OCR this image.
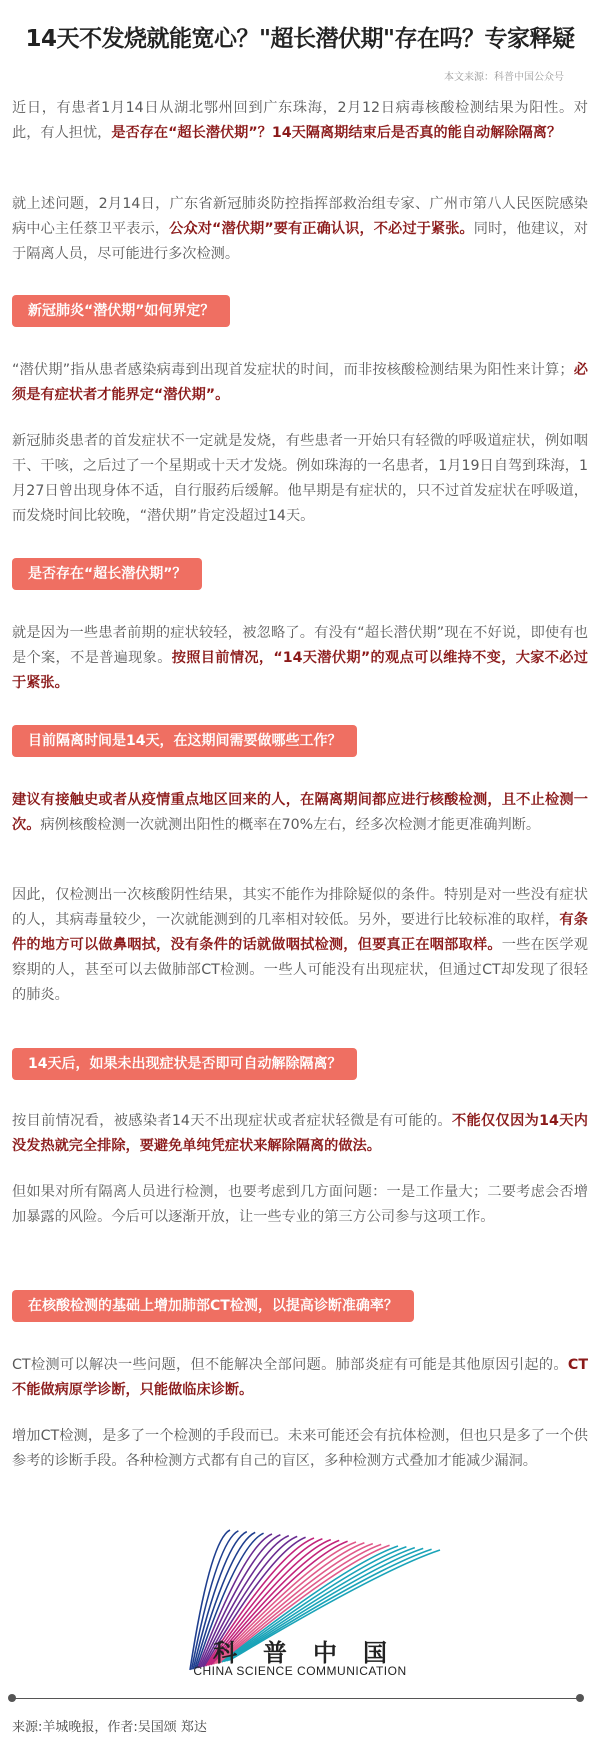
14天不发烧就能宽心？"超长潜伏期"存在吗？专家释疑
本文来源：科普中国公众号

近日，有患者1月14日从湖北鄂州回到广东珠海，2月12日病毒核酸检测结果为阳性。对此，有人担忧，是否存在“超长潜伏期”？14天隔离期结束后是否真的能自动解除隔离？

就上述问题，2月14日，广东省新冠肺炎防控指挥部救治组专家、广州市第八人民医院感染病中心主任蔡卫平表示，公众对“潜伏期”要有正确认识，不必过于紧张。同时，他建议，对于隔离人员，尽可能进行多次检测。

新冠肺炎“潜伏期”如何界定？

“潜伏期”指从患者感染病毒到出现首发症状的时间，而非按核酸检测结果为阳性来计算；必须是有症状者才能界定“潜伏期”。

新冠肺炎患者的首发症状不一定就是发烧，有些患者一开始只有轻微的呼吸道症状，例如咽干、干咳，之后过了一个星期或十天才发烧。例如珠海的一名患者，1月19日自驾到珠海，1月27日曾出现身体不适，自行服药后缓解。他早期是有症状的，只不过首发症状在呼吸道，而发烧时间比较晚，“潜伏期”肯定没超过14天。

是否存在“超长潜伏期”？

就是因为一些患者前期的症状较轻，被忽略了。有没有“超长潜伏期”现在不好说，即使有也是个案，不是普遍现象。按照目前情况，“14天潜伏期”的观点可以维持不变，大家不必过于紧张。

目前隔离时间是14天，在这期间需要做哪些工作？

建议有接触史或者从疫情重点地区回来的人，在隔离期间都应进行核酸检测，且不止检测一次。病例核酸检测一次就测出阳性的概率在70%左右，经多次检测才能更准确判断。

因此，仅检测出一次核酸阴性结果，其实不能作为排除疑似的条件。特别是对一些没有症状的人，其病毒量较少，一次就能测到的几率相对较低。另外，要进行比较标准的取样，有条件的地方可以做鼻咽拭，没有条件的话就做咽拭检测，但要真正在咽部取样。一些在医学观察期的人，甚至可以去做肺部CT检测。一些人可能没有出现症状，但通过CT却发现了很轻的肺炎。

14天后，如果未出现症状是否即可自动解除隔离？

按目前情况看，被感染者14天不出现症状或者症状轻微是有可能的。不能仅仅因为14天内没发热就完全排除，要避免单纯凭症状来解除隔离的做法。

但如果对所有隔离人员进行检测，也要考虑到几方面问题：一是工作量大；二要考虑会否增加暴露的风险。今后可以逐渐开放，让一些专业的第三方公司参与这项工作。

在核酸检测的基础上增加肺部CT检测，以提高诊断准确率？

CT检测可以解决一些问题，但不能解决全部问题。肺部炎症有可能是其他原因引起的。CT不能做病原学诊断，只能做临床诊断。

增加CT检测，是多了一个检测的手段而已。未来可能还会有抗体检测，但也只是多了一个供参考的诊断手段。各种检测方式都有自己的盲区，多种检测方式叠加才能减少漏洞。

科普中国
CHINA SCIENCE COMMUNICATION
来源:羊城晚报，作者:吴国颂 郑达
